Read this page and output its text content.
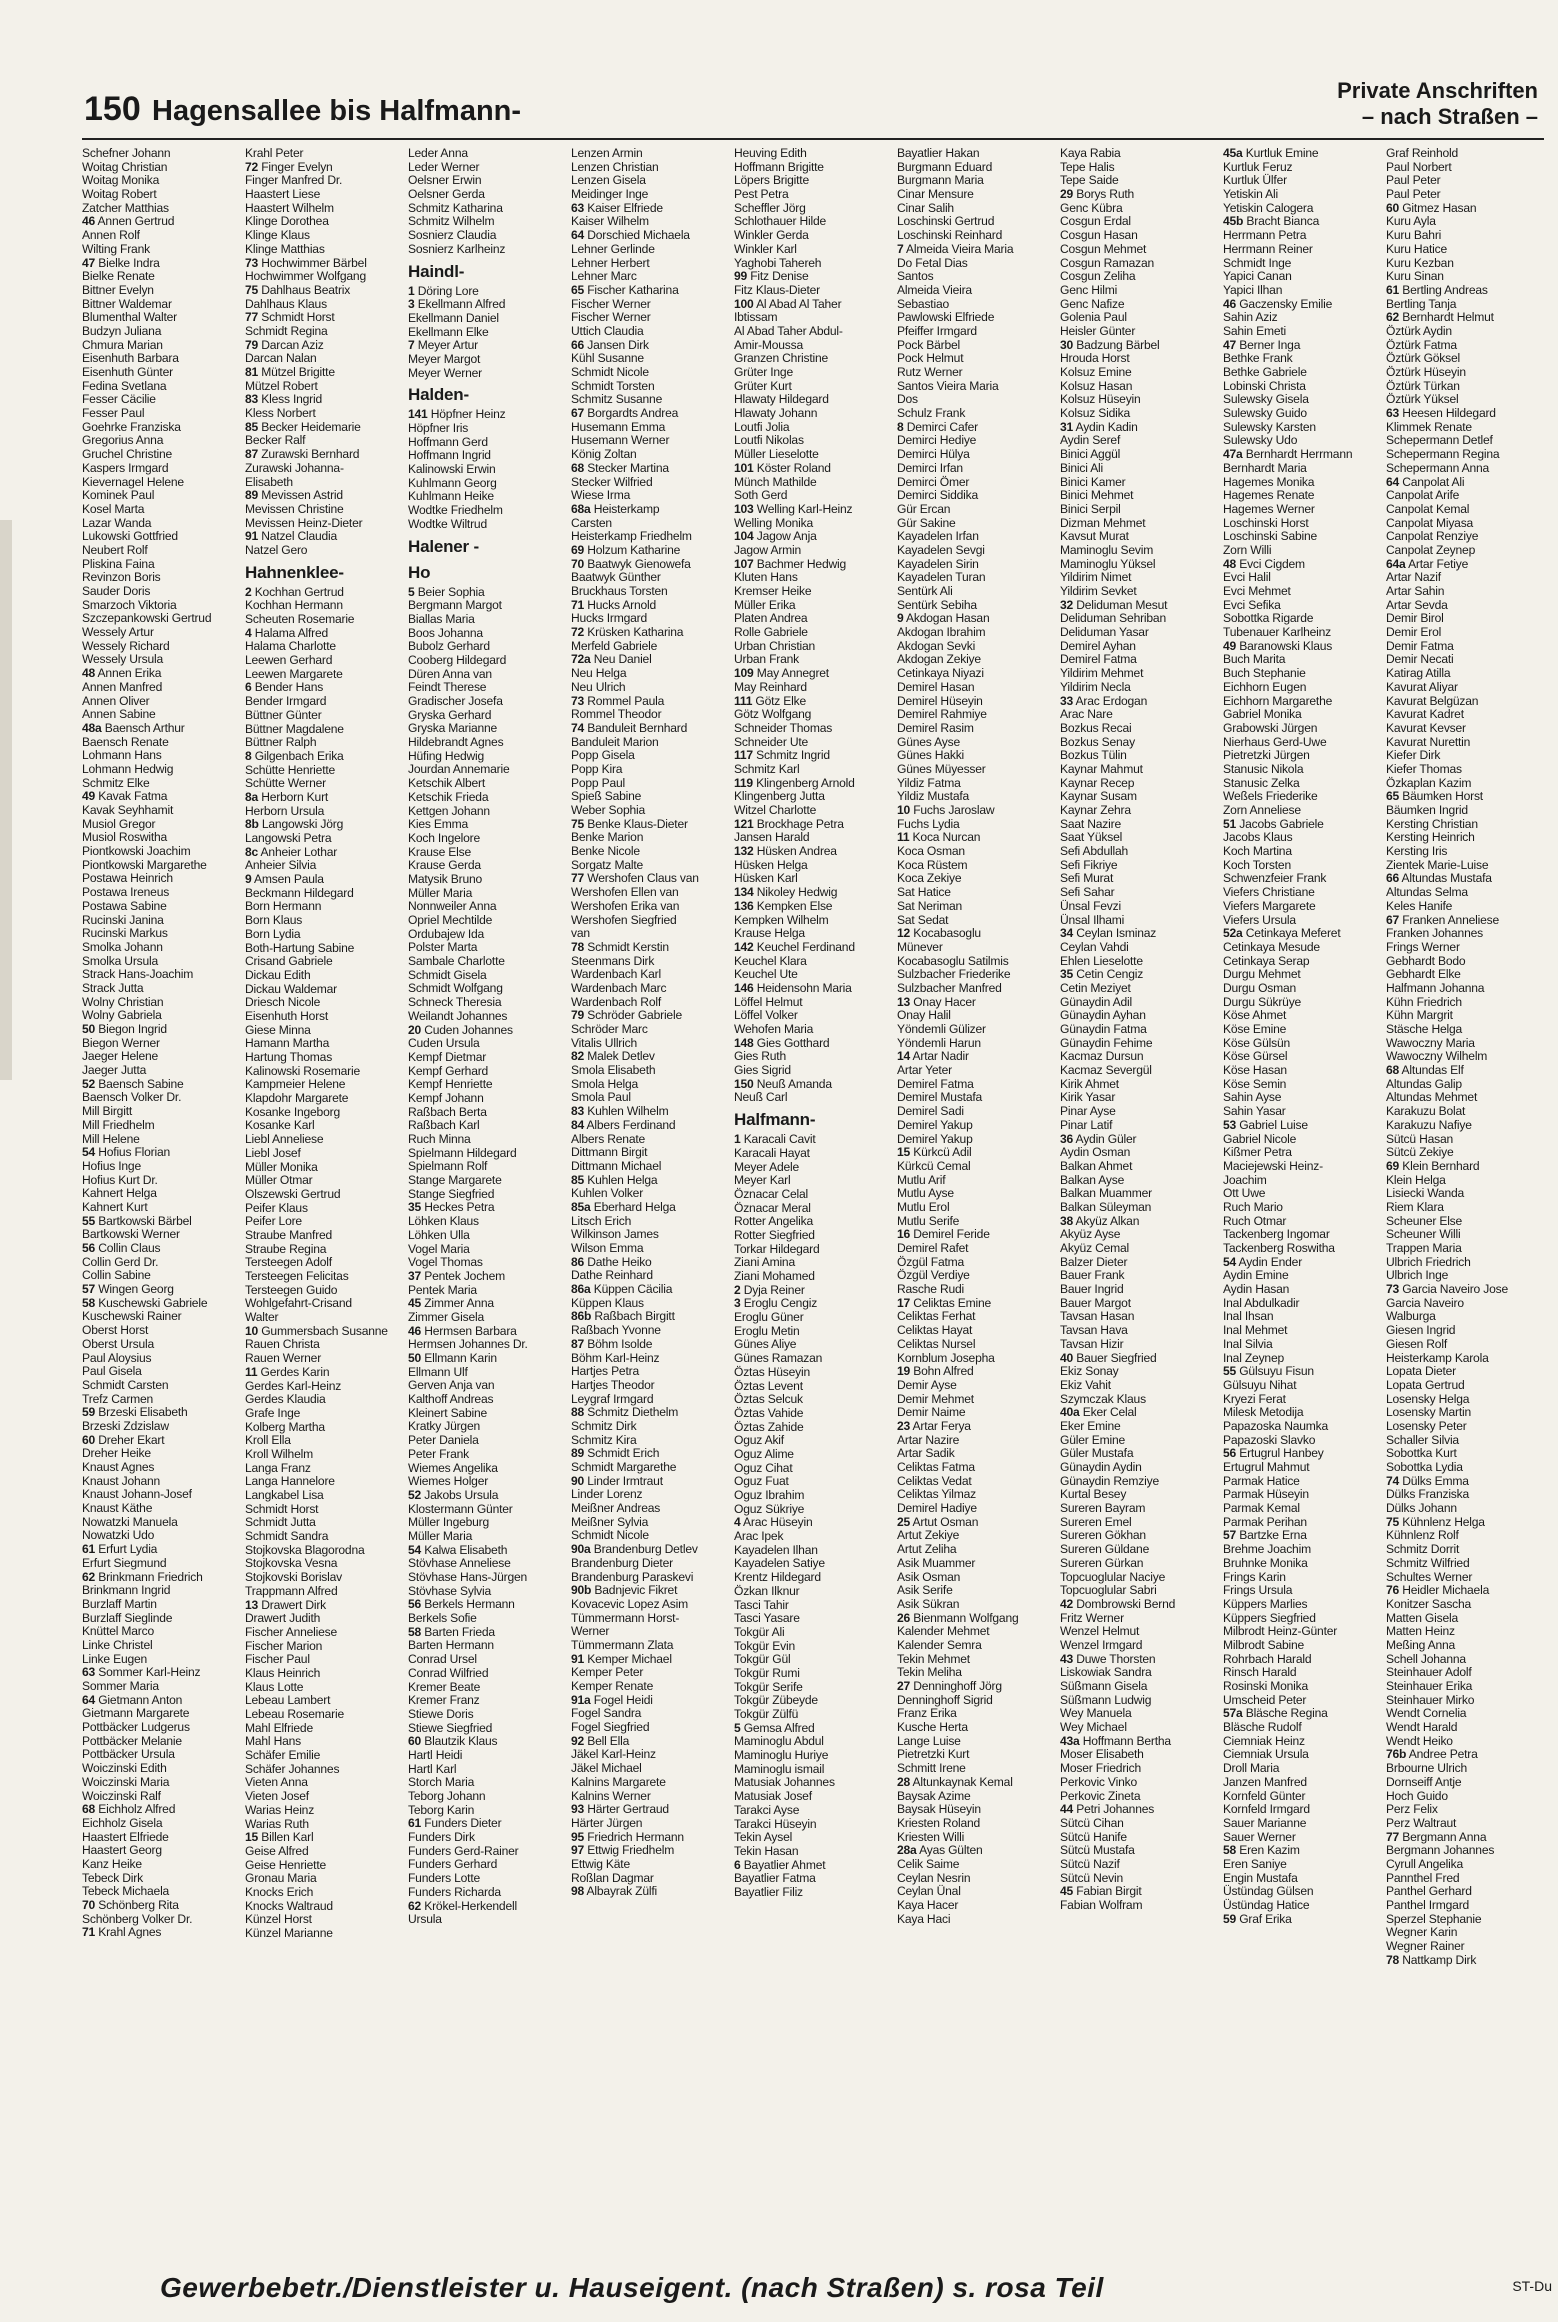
150 Hagensallee bis Halfmann-
Private Anschriften
– nach Straßen –
Schefner Johann
Woitag Christian
Woitag Monika
Woitag Robert
Zatcher Matthias
46 Annen Gertrud
Annen Rolf
Wilting Frank
47 Bielke Indra
Bielke Renate
Bittner Evelyn
Bittner Waldemar
Blumenthal Walter
Budzyn Juliana
Chmura Marian
Eisenhuth Barbara
Eisenhuth Günter
Fedina Svetlana
Fesser Cäcilie
Fesser Paul
Goehrke Franziska
Gregorius Anna
Gruchel Christine
Kaspers Irmgard
Kievernagel Helene
Kominek Paul
Kosel Marta
Lazar Wanda
Lukowski Gottfried
Neubert Rolf
Pliskina Faina
Revinzon Boris
Sauder Doris
Smarzoch Viktoria
Szczepankowski Gertrud
Wessely Artur
Wessely Richard
Wessely Ursula
48 Annen Erika
Annen Manfred
Annen Oliver
Annen Sabine
48a Baensch Arthur
Baensch Renate
Lohmann Hans
Lohmann Hedwig
Schmitz Elke
49 Kavak Fatma
Kavak Seyhhamit
Musiol Gregor
Musiol Roswitha
Piontkowski Joachim
Piontkowski Margarethe
Postawa Heinrich
Postawa Ireneus
Postawa Sabine
Rucinski Janina
Rucinski Markus
Smolka Johann
Smolka Ursula
Strack Hans-Joachim
Strack Jutta
Wolny Christian
Wolny Gabriela
50 Biegon Ingrid
Biegon Werner
Jaeger Helene
Jaeger Jutta
52 Baensch Sabine
Baensch Volker Dr.
Mill Birgitt
Mill Friedhelm
Mill Helene
54 Hofius Florian
Hofius Inge
Hofius Kurt Dr.
Kahnert Helga
Kahnert Kurt
55 Bartkowski Bärbel
Bartkowski Werner
56 Collin Claus
Collin Gerd Dr.
Collin Sabine
57 Wingen Georg
58 Kuschewski Gabriele
Kuschewski Rainer
Oberst Horst
Oberst Ursula
Paul Aloysius
Paul Gisela
Schmidt Carsten
Trefz Carmen
59 Brzeski Elisabeth
Brzeski Zdzislaw
60 Dreher Ekart
Dreher Heike
Knaust Agnes
Knaust Johann
Knaust Johann-Josef
Knaust Käthe
Nowatzki Manuela
Nowatzki Udo
61 Erfurt Lydia
Erfurt Siegmund
62 Brinkmann Friedrich
Brinkmann Ingrid
Burzlaff Martin
Burzlaff Sieglinde
Knüttel Marco
Linke Christel
Linke Eugen
63 Sommer Karl-Heinz
Sommer Maria
64 Gietmann Anton
Gietmann Margarete
Pottbäcker Ludgerus
Pottbäcker Melanie
Pottbäcker Ursula
Woiczinski Edith
Woiczinski Maria
Woiczinski Ralf
68 Eichholz Alfred
Eichholz Gisela
Haastert Elfriede
Haastert Georg
Kanz Heike
Tebeck Dirk
Tebeck Michaela
70 Schönberg Rita
Schönberg Volker Dr.
71 Krahl Agnes
Krahl Peter
72 Finger Evelyn
Finger Manfred Dr.
Haastert Liese
Haastert Wilhelm
Klinge Dorothea
Klinge Klaus
Klinge Matthias
73 Hochwimmer Bärbel
Hochwimmer Wolfgang
75 Dahlhaus Beatrix
Dahlhaus Klaus
77 Schmidt Horst
Schmidt Regina
79 Darcan Aziz
Darcan Nalan
81 Mützel Brigitte
Mützel Robert
83 Kless Ingrid
Kless Norbert
85 Becker Heidemarie
Becker Ralf
87 Zurawski Bernhard
Zurawski Johanna-
Elisabeth
89 Mevissen Astrid
Mevissen Christine
Mevissen Heinz-Dieter
91 Natzel Claudia
Natzel Gero
Hahnenklee-
2 Kochhan Gertrud
Kochhan Hermann
Scheuten Rosemarie
4 Halama Alfred
Halama Charlotte
Leewen Gerhard
Leewen Margarete
6 Bender Hans
Bender Irmgard
Büttner Günter
Büttner Magdalene
Büttner Ralph
8 Gilgenbach Erika
Schütte Henriette
Schütte Werner
8a Herborn Kurt
Herborn Ursula
8b Langowski Jörg
Langowski Petra
8c Anheier Lothar
Anheier Silvia
9 Amsen Paula
Beckmann Hildegard
Born Hermann
Born Klaus
Born Lydia
Both-Hartung Sabine
Crisand Gabriele
Dickau Edith
Dickau Waldemar
Driesch Nicole
Eisenhuth Horst
Giese Minna
Hamann Martha
Hartung Thomas
Kalinowski Rosemarie
Kampmeier Helene
Klapdohr Margarete
Kosanke Ingeborg
Kosanke Karl
Liebl Anneliese
Liebl Josef
Müller Monika
Müller Otmar
Olszewski Gertrud
Peifer Klaus
Peifer Lore
Straube Manfred
Straube Regina
Tersteegen Adolf
Tersteegen Felicitas
Tersteegen Guido
Wohlgefahrt-Crisand
Walter
10 Gummersbach Susanne
Rauen Christa
Rauen Werner
11 Gerdes Karin
Gerdes Karl-Heinz
Gerdes Klaudia
Grafe Inge
Kolberg Martha
Kroll Ella
Kroll Wilhelm
Langa Franz
Langa Hannelore
Langkabel Lisa
Schmidt Horst
Schmidt Jutta
Schmidt Sandra
Stojkovska Blagorodna
Stojkovska Vesna
Stojkovski Borislav
Trappmann Alfred
13 Drawert Dirk
Drawert Judith
Fischer Anneliese
Fischer Marion
Fischer Paul
Klaus Heinrich
Klaus Lotte
Lebeau Lambert
Lebeau Rosemarie
Mahl Elfriede
Mahl Hans
Schäfer Emilie
Schäfer Johannes
Vieten Anna
Vieten Josef
Warias Heinz
Warias Ruth
15 Billen Karl
Geise Alfred
Geise Henriette
Gronau Maria
Knocks Erich
Knocks Waltraud
Künzel Horst
Künzel Marianne
Leder Anna
Leder Werner
Oelsner Erwin
Oelsner Gerda
Schmitz Katharina
Schmitz Wilhelm
Sosnierz Claudia
Sosnierz Karlheinz
Haindl-
1 Döring Lore
3 Ekellmann Alfred
Ekellmann Daniel
Ekellmann Elke
7 Meyer Artur
Meyer Margot
Meyer Werner
Halden-
141 Höpfner Heinz
Höpfner Iris
Hoffmann Gerd
Hoffmann Ingrid
Kalinowski Erwin
Kuhlmann Georg
Kuhlmann Heike
Wodtke Friedhelm
Wodtke Wiltrud
Halener -
Ho
5 Beier Sophia
Bergmann Margot
Biallas Maria
Boos Johanna
Bubolz Gerhard
Cooberg Hildegard
Düren Anna van
Feindt Therese
Gradischer Josefa
Gryska Gerhard
Gryska Marianne
Hildebrandt Agnes
Hüfing Hedwig
Jourdan Annemarie
Ketschik Albert
Ketschik Frieda
Kettgen Johann
Kies Emma
Koch Ingelore
Krause Else
Krause Gerda
Matysik Bruno
Müller Maria
Nonnweiler Anna
Opriel Mechtilde
Ordubajew Ida
Polster Marta
Sambale Charlotte
Schmidt Gisela
Schmidt Wolfgang
Schneck Theresia
Weilandt Johannes
20 Cuden Johannes
Cuden Ursula
Kempf Dietmar
Kempf Gerhard
Kempf Henriette
Kempf Johann
Raßbach Berta
Raßbach Karl
Ruch Minna
Spielmann Hildegard
Spielmann Rolf
Stange Margarete
Stange Siegfried
35 Heckes Petra
Löhken Klaus
Löhken Ulla
Vogel Maria
Vogel Thomas
37 Pentek Jochem
Pentek Maria
45 Zimmer Anna
Zimmer Gisela
46 Hermsen Barbara
Hermsen Johannes Dr.
50 Ellmann Karin
Ellmann Ulf
Gerven Anja van
Kalthoff Andreas
Kleinert Sabine
Kratky Jürgen
Peter Daniela
Peter Frank
Wiemes Angelika
Wiemes Holger
52 Jakobs Ursula
Klostermann Günter
Müller Ingeburg
Müller Maria
54 Kalwa Elisabeth
Stövhase Anneliese
Stövhase Hans-Jürgen
Stövhase Sylvia
56 Berkels Hermann
Berkels Sofie
58 Barten Frieda
Barten Hermann
Conrad Ursel
Conrad Wilfried
Kremer Beate
Kremer Franz
Stiewe Doris
Stiewe Siegfried
60 Blautzik Klaus
Hartl Heidi
Hartl Karl
Storch Maria
Teborg Johann
Teborg Karin
61 Funders Dieter
Funders Dirk
Funders Gerd-Rainer
Funders Gerhard
Funders Lotte
Funders Richarda
62 Krökel-Herkendell
Ursula
Lenzen Armin
Lenzen Christian
Lenzen Gisela
Meidinger Inge
63 Kaiser Elfriede
Kaiser Wilhelm
64 Dorschied Michaela
Lehner Gerlinde
Lehner Herbert
Lehner Marc
65 Fischer Katharina
Fischer Werner
Fischer Werner
Uttich Claudia
66 Jansen Dirk
Kühl Susanne
Schmidt Nicole
Schmidt Torsten
Schmitz Susanne
67 Borgardts Andrea
Husemann Emma
Husemann Werner
König Zoltan
68 Stecker Martina
Stecker Wilfried
Wiese Irma
68a Heisterkamp
Carsten
Heisterkamp Friedhelm
69 Holzum Katharine
70 Baatwyk Gienowefa
Baatwyk Günther
Bruckhaus Torsten
71 Hucks Arnold
Hucks Irmgard
72 Krüsken Katharina
Merfeld Gabriele
72a Neu Daniel
Neu Helga
Neu Ulrich
73 Rommel Paula
Rommel Theodor
74 Banduleit Bernhard
Banduleit Marion
Popp Gisela
Popp Kira
Popp Paul
Spieß Sabine
Weber Sophia
75 Benke Klaus-Dieter
Benke Marion
Benke Nicole
Sorgatz Malte
77 Wershofen Claus van
Wershofen Ellen van
Wershofen Erika van
Wershofen Siegfried
van
78 Schmidt Kerstin
Steenmans Dirk
Wardenbach Karl
Wardenbach Marc
Wardenbach Rolf
79 Schröder Gabriele
Schröder Marc
Vitalis Ullrich
82 Malek Detlev
Smola Elisabeth
Smola Helga
Smola Paul
83 Kuhlen Wilhelm
84 Albers Ferdinand
Albers Renate
Dittmann Birgit
Dittmann Michael
85 Kuhlen Helga
Kuhlen Volker
85a Eberhard Helga
Litsch Erich
Wilkinson James
Wilson Emma
86 Dathe Heiko
Dathe Reinhard
86a Küppen Cäcilia
Küppen Klaus
86b Raßbach Birgitt
Raßbach Yvonne
87 Böhm Isolde
Böhm Karl-Heinz
Hartjes Petra
Hartjes Theodor
Leygraf Irmgard
88 Schmitz Diethelm
Schmitz Dirk
Schmitz Kira
89 Schmidt Erich
Schmidt Margarethe
90 Linder Irmtraut
Linder Lorenz
Meißner Andreas
Meißner Sylvia
Schmidt Nicole
90a Brandenburg Detlev
Brandenburg Dieter
Brandenburg Paraskevi
90b Badnjevic Fikret
Kovacevic Lopez Asim
Tümmermann Horst-
Werner
Tümmermann Zlata
91 Kemper Michael
Kemper Peter
Kemper Renate
91a Fogel Heidi
Fogel Sandra
Fogel Siegfried
92 Bell Ella
Jäkel Karl-Heinz
Jäkel Michael
Kalnins Margarete
Kalnins Werner
93 Härter Gertraud
Härter Jürgen
95 Friedrich Hermann
97 Ettwig Friedhelm
Ettwig Käte
Roßlan Dagmar
98 Albayrak Zülfi
Heuving Edith
Hoffmann Brigitte
Löpers Brigitte
Pest Petra
Scheffler Jörg
Schlothauer Hilde
Winkler Gerda
Winkler Karl
Yaghobi Tahereh
99 Fitz Denise
Fitz Klaus-Dieter
100 Al Abad Al Taher
Ibtissam
Al Abad Taher Abdul-
Amir-Moussa
Granzen Christine
Grüter Inge
Grüter Kurt
Hlawaty Hildegard
Hlawaty Johann
Loutfi Jolia
Loutfi Nikolas
Müller Lieselotte
101 Köster Roland
Münch Mathilde
Soth Gerd
103 Welling Karl-Heinz
Welling Monika
104 Jagow Anja
Jagow Armin
107 Bachmer Hedwig
Kluten Hans
Kremser Heike
Müller Erika
Platen Andrea
Rolle Gabriele
Urban Christian
Urban Frank
109 May Annegret
May Reinhard
111 Götz Elke
Götz Wolfgang
Schneider Thomas
Schneider Ute
117 Schmitz Ingrid
Schmitz Karl
119 Klingenberg Arnold
Klingenberg Jutta
Witzel Charlotte
121 Brockhage Petra
Jansen Harald
132 Hüsken Andrea
Hüsken Helga
Hüsken Karl
134 Nikoley Hedwig
136 Kempken Else
Kempken Wilhelm
Krause Helga
142 Keuchel Ferdinand
Keuchel Klara
Keuchel Ute
146 Heidensohn Maria
Löffel Helmut
Löffel Volker
Wehofen Maria
148 Gies Gotthard
Gies Ruth
Gies Sigrid
150 Neuß Amanda
Neuß Carl
Halfmann-
1 Karacali Cavit
Karacali Hayat
Meyer Adele
Meyer Karl
Öznacar Celal
Öznacar Meral
Rotter Angelika
Rotter Siegfried
Torkar Hildegard
Ziani Amina
Ziani Mohamed
2 Dyja Reiner
3 Eroglu Cengiz
Eroglu Güner
Eroglu Metin
Günes Aliye
Günes Ramazan
Öztas Hüseyin
Öztas Levent
Öztas Selcuk
Öztas Vahide
Öztas Zahide
Oguz Akif
Oguz Alime
Oguz Cihat
Oguz Fuat
Oguz Ibrahim
Oguz Sükriye
4 Arac Hüseyin
Arac Ipek
Kayadelen Ilhan
Kayadelen Satiye
Krentz Hildegard
Özkan Ilknur
Tasci Tahir
Tasci Yasare
Tokgür Ali
Tokgür Evin
Tokgür Gül
Tokgür Rumi
Tokgür Serife
Tokgür Zübeyde
Tokgür Zülfü
5 Gemsa Alfred
Maminoglu Abdul
Maminoglu Huriye
Maminoglu ismail
Matusiak Johannes
Matusiak Josef
Tarakci Ayse
Tarakci Hüseyin
Tekin Aysel
Tekin Hasan
6 Bayatlier Ahmet
Bayatlier Fatma
Bayatlier Filiz
Bayatlier Hakan
Burgmann Eduard
Burgmann Maria
Cinar Mensure
Cinar Salih
Loschinski Gertrud
Loschinski Reinhard
7 Almeida Vieira Maria
Do Fetal Dias
Santos
Almeida Vieira
Sebastiao
Pawlowski Elfriede
Pfeiffer Irmgard
Pock Bärbel
Pock Helmut
Rutz Werner
Santos Vieira Maria
Dos
Schulz Frank
8 Demirci Cafer
Demirci Hediye
Demirci Hülya
Demirci Irfan
Demirci Ömer
Demirci Siddika
Gür Ercan
Gür Sakine
Kayadelen Irfan
Kayadelen Sevgi
Kayadelen Sirin
Kayadelen Turan
Sentürk Ali
Sentürk Sebiha
9 Akdogan Hasan
Akdogan Ibrahim
Akdogan Sevki
Akdogan Zekiye
Cetinkaya Niyazi
Demirel Hasan
Demirel Hüseyin
Demirel Rahmiye
Demirel Rasim
Günes Ayse
Günes Hakki
Günes Müyesser
Yildiz Fatma
Yildiz Mustafa
10 Fuchs Jaroslaw
Fuchs Lydia
11 Koca Nurcan
Koca Osman
Koca Rüstem
Koca Zekiye
Sat Hatice
Sat Neriman
Sat Sedat
12 Kocabasoglu
Münever
Kocabasoglu Satilmis
Sulzbacher Friederike
Sulzbacher Manfred
13 Onay Hacer
Onay Halil
Yöndemli Gülizer
Yöndemli Harun
14 Artar Nadir
Artar Yeter
Demirel Fatma
Demirel Mustafa
Demirel Sadi
Demirel Yakup
Demirel Yakup
15 Kürkcü Adil
Kürkcü Cemal
Mutlu Arif
Mutlu Ayse
Mutlu Erol
Mutlu Serife
16 Demirel Feride
Demirel Rafet
Özgül Fatma
Özgül Verdiye
Rasche Rudi
17 Celiktas Emine
Celiktas Ferhat
Celiktas Hayat
Celiktas Nursel
Kornblum Josepha
19 Bohn Alfred
Demir Ayse
Demir Mehmet
Demir Naime
23 Artar Ferya
Artar Nazire
Artar Sadik
Celiktas Fatma
Celiktas Vedat
Celiktas Yilmaz
Demirel Hadiye
25 Artut Osman
Artut Zekiye
Artut Zeliha
Asik Muammer
Asik Osman
Asik Serife
Asik Sükran
26 Bienmann Wolfgang
Kalender Mehmet
Kalender Semra
Tekin Mehmet
Tekin Meliha
27 Denninghoff Jörg
Denninghoff Sigrid
Franz Erika
Kusche Herta
Lange Luise
Pietretzki Kurt
Schmitt Irene
28 Altunkaynak Kemal
Baysak Azime
Baysak Hüseyin
Kriesten Roland
Kriesten Willi
28a Ayas Gülten
Celik Saime
Ceylan Nesrin
Ceylan Ünal
Kaya Hacer
Kaya Haci
Kaya Rabia
Tepe Halis
Tepe Saide
29 Borys Ruth
Genc Kübra
Cosgun Erdal
Cosgun Hasan
Cosgun Mehmet
Cosgun Ramazan
Cosgun Zeliha
Genc Hilmi
Genc Nafize
Golenia Paul
Heisler Günter
30 Badzung Bärbel
Hrouda Horst
Kolsuz Emine
Kolsuz Hasan
Kolsuz Hüseyin
Kolsuz Sidika
31 Aydin Kadin
Aydin Seref
Binici Aggül
Binici Ali
Binici Kamer
Binici Mehmet
Binici Serpil
Dizman Mehmet
Kavsut Murat
Maminoglu Sevim
Maminoglu Yüksel
Yildirim Nimet
Yildirim Sevket
32 Deliduman Mesut
Deliduman Sehriban
Deliduman Yasar
Demirel Ayhan
Demirel Fatma
Yildirim Mehmet
Yildirim Necla
33 Arac Erdogan
Arac Nare
Bozkus Recai
Bozkus Senay
Bozkus Tülin
Kaynar Mahmut
Kaynar Recep
Kaynar Susam
Kaynar Zehra
Saat Nazire
Saat Yüksel
Sefi Abdullah
Sefi Fikriye
Sefi Murat
Sefi Sahar
Ünsal Fevzi
Ünsal Ilhami
34 Ceylan Isminaz
Ceylan Vahdi
Ehlen Lieselotte
35 Cetin Cengiz
Cetin Meziyet
Günaydin Adil
Günaydin Ayhan
Günaydin Fatma
Günaydin Fehime
Kacmaz Dursun
Kacmaz Severgül
Kirik Ahmet
Kirik Yasar
Pinar Ayse
Pinar Latif
36 Aydin Güler
Aydin Osman
Balkan Ahmet
Balkan Ayse
Balkan Muammer
Balkan Süleyman
38 Akyüz Alkan
Akyüz Ayse
Akyüz Cemal
Balzer Dieter
Bauer Frank
Bauer Ingrid
Bauer Margot
Tavsan Hasan
Tavsan Hava
Tavsan Hizir
40 Bauer Siegfried
Ekiz Sonay
Ekiz Vahit
Szymczak Klaus
40a Eker Celal
Eker Emine
Güler Emine
Güler Mustafa
Günaydin Aydin
Günaydin Remziye
Kurtal Besey
Sureren Bayram
Sureren Emel
Sureren Gökhan
Sureren Güldane
Sureren Gürkan
Topcuoglular Naciye
Topcuoglular Sabri
42 Dombrowski Bernd
Fritz Werner
Wenzel Helmut
Wenzel Irmgard
43 Duwe Thorsten
Liskowiak Sandra
Süßmann Gisela
Süßmann Ludwig
Wey Manuela
Wey Michael
43a Hoffmann Bertha
Moser Elisabeth
Moser Friedrich
Perkovic Vinko
Perkovic Zineta
44 Petri Johannes
Sütcü Cihan
Sütcü Hanife
Sütcü Mustafa
Sütcü Nazif
Sütcü Nevin
45 Fabian Birgit
Fabian Wolfram
45a Kurtluk Emine
Kurtluk Feruz
Kurtluk Ülfer
Yetiskin Ali
Yetiskin Calogera
45b Bracht Bianca
Herrmann Petra
Herrmann Reiner
Schmidt Inge
Yapici Canan
Yapici Ilhan
46 Gaczensky Emilie
Sahin Aziz
Sahin Emeti
47 Berner Inga
Bethke Frank
Bethke Gabriele
Lobinski Christa
Sulewsky Gisela
Sulewsky Guido
Sulewsky Karsten
Sulewsky Udo
47a Bernhardt Herrmann
Bernhardt Maria
Hagemes Monika
Hagemes Renate
Hagemes Werner
Loschinski Horst
Loschinski Sabine
Zorn Willi
48 Evci Cigdem
Evci Halil
Evci Mehmet
Evci Sefika
Sobottka Rigarde
Tubenauer Karlheinz
49 Baranowski Klaus
Buch Marita
Buch Stephanie
Eichhorn Eugen
Eichhorn Margarethe
Gabriel Monika
Grabowski Jürgen
Nierhaus Gerd-Uwe
Pietretzki Jürgen
Stanusic Nikola
Stanusic Zelka
Weßels Friederike
Zorn Anneliese
51 Jacobs Gabriele
Jacobs Klaus
Koch Martina
Koch Torsten
Schwenzfeier Frank
Viefers Christiane
Viefers Margarete
Viefers Ursula
52a Cetinkaya Meferet
Cetinkaya Mesude
Cetinkaya Serap
Durgu Mehmet
Durgu Osman
Durgu Sükrüye
Köse Ahmet
Köse Emine
Köse Gülsün
Köse Gürsel
Köse Hasan
Köse Semin
Sahin Ayse
Sahin Yasar
53 Gabriel Luise
Gabriel Nicole
Kißmer Petra
Maciejewski Heinz-
Joachim
Ott Uwe
Ruch Mario
Ruch Otmar
Tackenberg Ingomar
Tackenberg Roswitha
54 Aydin Ender
Aydin Emine
Aydin Hasan
Inal Abdulkadir
Inal Ihsan
Inal Mehmet
Inal Silvia
Inal Zeynep
55 Gülsuyu Fisun
Gülsuyu Nihat
Kryezi Ferat
Milesk Metodija
Papazoska Naumka
Papazoski Slavko
56 Ertugrul Hanbey
Ertugrul Mahmut
Parmak Hatice
Parmak Hüseyin
Parmak Kemal
Parmak Perihan
57 Bartzke Erna
Brehme Joachim
Bruhnke Monika
Frings Karin
Frings Ursula
Küppers Marlies
Küppers Siegfried
Milbrodt Heinz-Günter
Milbrodt Sabine
Rohrbach Harald
Rinsch Harald
Rosinski Monika
Umscheid Peter
57a Bläsche Regina
Bläsche Rudolf
Ciemniak Heinz
Ciemniak Ursula
Droll Maria
Janzen Manfred
Kornfeld Günter
Kornfeld Irmgard
Sauer Marianne
Sauer Werner
58 Eren Kazim
Eren Saniye
Engin Mustafa
Üstündag Gülsen
Üstündag Hatice
59 Graf Erika
Graf Reinhold
Paul Norbert
Paul Peter
Paul Peter
60 Gitmez Hasan
Kuru Ayla
Kuru Bahri
Kuru Hatice
Kuru Kezban
Kuru Sinan
61 Bertling Andreas
Bertling Tanja
62 Bernhardt Helmut
Öztürk Aydin
Öztürk Fatma
Öztürk Göksel
Öztürk Hüseyin
Öztürk Türkan
Öztürk Yüksel
63 Heesen Hildegard
Klimmek Renate
Schepermann Detlef
Schepermann Regina
Schepermann Anna
64 Canpolat Ali
Canpolat Arife
Canpolat Kemal
Canpolat Miyasa
Canpolat Renziye
Canpolat Zeynep
64a Artar Fetiye
Artar Nazif
Artar Sahin
Artar Sevda
Demir Birol
Demir Erol
Demir Fatma
Demir Necati
Katirag Atilla
Kavurat Aliyar
Kavurat Belgüzan
Kavurat Kadret
Kavurat Kevser
Kavurat Nurettin
Kiefer Dirk
Kiefer Thomas
Özkaplan Kazim
65 Bäumken Horst
Bäumken Ingrid
Kersting Christian
Kersting Heinrich
Kersting Iris
Zientek Marie-Luise
66 Altundas Mustafa
Altundas Selma
Keles Hanife
67 Franken Anneliese
Franken Johannes
Frings Werner
Gebhardt Bodo
Gebhardt Elke
Halfmann Johanna
Kühn Friedrich
Kühn Margrit
Stäsche Helga
Wawoczny Maria
Wawoczny Wilhelm
68 Altundas Elf
Altundas Galip
Altundas Mehmet
Karakuzu Bolat
Karakuzu Nafiye
Sütcü Hasan
Sütcü Zekiye
69 Klein Bernhard
Klein Helga
Lisiecki Wanda
Riem Klara
Scheuner Else
Scheuner Willi
Trappen Maria
Ulbrich Friedrich
Ulbrich Inge
73 Garcia Naveiro Jose
Garcia Naveiro
Walburga
Giesen Ingrid
Giesen Rolf
Heisterkamp Karola
Lopata Dieter
Lopata Gertrud
Losensky Helga
Losensky Martin
Losensky Peter
Schaller Silvia
Sobottka Kurt
Sobottka Lydia
74 Dülks Emma
Dülks Franziska
Dülks Johann
75 Kühnlenz Helga
Kühnlenz Rolf
Schmitz Dorrit
Schmitz Wilfried
Schultes Werner
76 Heidler Michaela
Konitzer Sascha
Matten Gisela
Matten Heinz
Meßing Anna
Schell Johanna
Steinhauer Adolf
Steinhauer Erika
Steinhauer Mirko
Wendt Cornelia
Wendt Harald
Wendt Heiko
76b Andree Petra
Brbourne Ulrich
Dornseiff Antje
Hoch Guido
Perz Felix
Perz Waltraut
77 Bergmann Anna
Bergmann Johannes
Cyrull Angelika
Pannthel Fred
Panthel Gerhard
Panthel Irmgard
Sperzel Stephanie
Wegner Karin
Wegner Rainer
78 Nattkamp Dirk
Gewerbebetr./Dienstleister u. Hauseigent. (nach Straßen) s. rosa Teil	ST-Du
